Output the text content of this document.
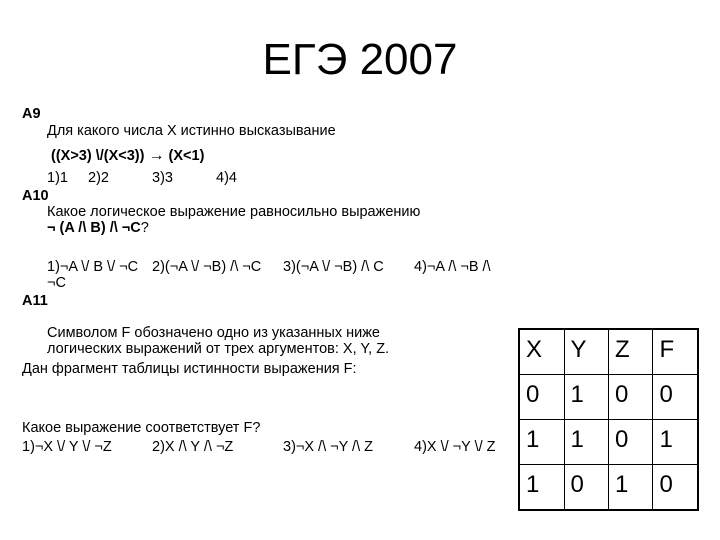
ЕГЭ 2007
A9
Для какого числа X истинно высказывание
((X>3) \/(X<3)) → (X<1)
1)1 2)2	3)3	4)4
A10
Какое логическое выражение равносильно выражению
¬ (A /\ B) /\ ¬C?
1)¬A \/ B \/ ¬C 2)(¬A \/ ¬B) /\ ¬C 3)(¬A \/ ¬B) /\ C 4)¬A /\ ¬B /\
¬C
A11
Символом F обозначено одно из указанных ниже
логических выражений от трех аргументов: X, Y, Z.
Дан фрагмент таблицы истинности выражения F:
Какое выражение соответствует F?
1)¬X \/ Y \/ ¬Z	2)X /\ Y /\ ¬Z	3)¬X /\ ¬Y /\ Z	4)X \/ ¬Y \/ Z
X	Y	Z	F
0	1	0	0
1	1	0	1
1	0	1	0
